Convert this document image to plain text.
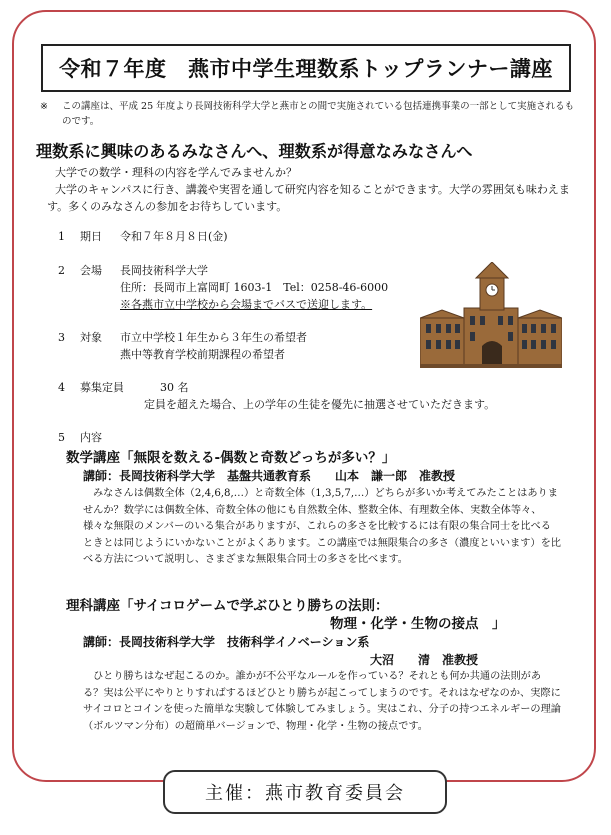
令和７年度　燕市中学生理数系トップランナー講座
※ この講座は、平成 25 年度より長岡技術科学大学と燕市との間で実施されている包括連携事業の一部として実施されるものです。
理数系に興味のあるみなさんへ、理数系が得意なみなさんへ

大学での数学・理科の内容を学んでみませんか？

大学のキャンパスに行き、講義や実習を通して研究内容を知ることができます。大学の雰囲気も味わえます。多くのみなさんの参加をお待ちしています。

1 期日 令和７年８月８日(金)
2 会場 長岡技術科学大学
住所：長岡市上富岡町 1603-1　Tel：0258-46-6000
※各燕市立中学校から会場までバスで送迎します。
3 対象 市立中学校１年生から３年生の希望者
燕中等教育学校前期課程の希望者
4 募集定員	30 名
定員を超えた場合、上の学年の生徒を優先に抽選させていただきます。
5 内容
数学講座「無限を数える-偶数と奇数どっちが多い？」
講師：長岡技術科学大学　基盤共通教育系　　山本　謙一郎　准教授

みなさんは偶数全体（2,4,6,8,…）と奇数全体（1,3,5,7,…）どちらが多いか考えてみたことはありませんか？数学には偶数全体、奇数全体の他にも自然数全体、整数全体、有理数全体、実数全体等々、様々な無限のメンバーのいる集合がありますが、これらの多さを比較するには有限の集合同士を比べるときとは同じようにいかないことがよくあります。この講座では無限集合の多さ（濃度といいます）を比べる方法について説明し、さまざまな無限集合同士の多さを比べます。

理科講座「サイコロゲームで学ぶひとり勝ちの法則：
物理・化学・生物の接点　」
講師：長岡技術科学大学　技術科学イノベーション系
大沼　　清　准教授

ひとり勝ちはなぜ起こるのか。誰かが不公平なルールを作っている？それとも何か共通の法則がある？実は公平にやりとりすればするほどひとり勝ちが起こってしまうのです。それはなぜなのか、実際にサイコロとコインを使った簡単な実験して体験してみましょう。実はこれ、分子の持つエネルギーの理論（ボルツマン分布）の超簡単バージョンで、物理・化学・生物の接点です。

主催：燕市教育委員会
